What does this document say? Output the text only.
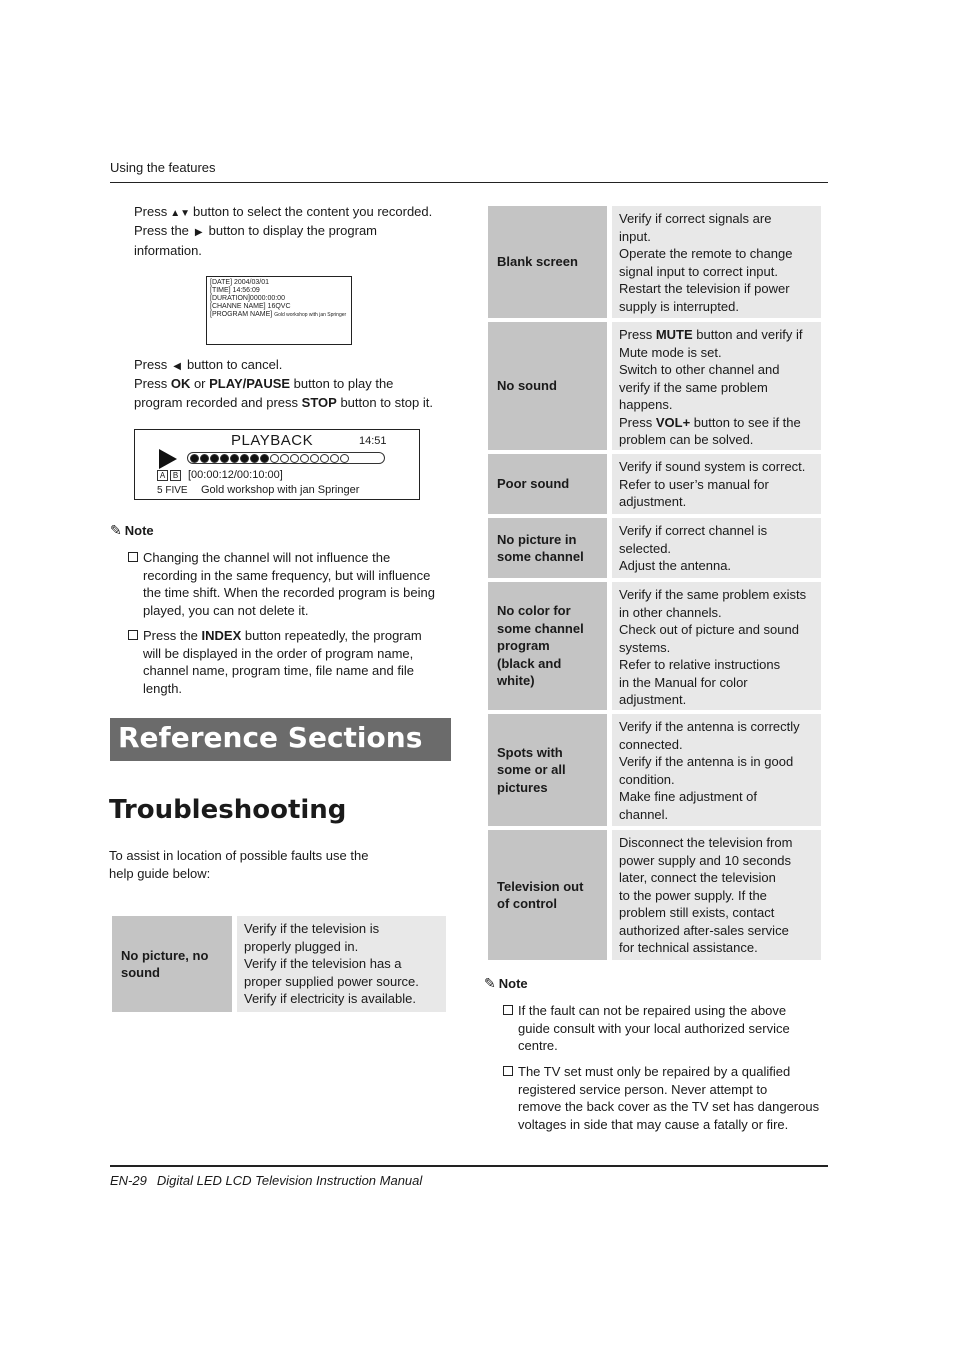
Using the features
Press ▲▼ button to select the content you recorded.
Press the ▶ button to display the program
information.
[DATE] 2004/03/01
[TIME] 14:56:09
[DURATION]0000:00:00
[CHANNE NAME] 16QVC
[PROGRAM NAME] Gold workshop with jan Springer
Press ◀ button to cancel.
Press OK or PLAY/PAUSE button to play the
program recorded and press STOP button to stop it.
PLAYBACK	14:51
A B [00:00:12/00:10:00]
5 FIVE Gold workshop with jan Springer
✎ Note
Changing the channel will not influence the
recording in the same frequency, but will influence
the time shift. When the recorded program is being
played, you can not delete it.
Press the INDEX button repeatedly, the program
will be displayed in the order of program name,
channel name, program time, file name and file
length.
Reference Sections
Troubleshooting
To assist in location of possible faults use the
help guide below:
No picture, no
sound
Verify if the television is
properly plugged in.
Verify if the television has a
proper supplied power source.
Verify if electricity is available.
Blank screen
Verify if correct signals are
input.
Operate the remote to change
signal input to correct input.
Restart the television if power
supply is interrupted.
No sound
Press MUTE button and verify if
Mute mode is set.
Switch to other channel and
verify if the same problem
happens.
Press VOL+ button to see if the
problem can be solved.
Poor sound
Verify if sound system is correct.
Refer to user’s manual for
adjustment.
No picture in
some channel
Verify if correct channel is
selected.
Adjust the antenna.
No color for
some channel
program
(black and
white)
Verify if the same problem exists
in other channels.
Check out of picture and sound
systems.
Refer to relative instructions
in the Manual for color
adjustment.
Spots with
some or all
pictures
Verify if the antenna is correctly
connected.
Verify if the antenna is in good
condition.
Make fine adjustment of
channel.
Television out
of control
Disconnect the television from
power supply and 10 seconds
later, connect the television
to the power supply. If the
problem still exists, contact
authorized after-sales service
for technical assistance.
✎ Note
If the fault can not be repaired using the above
guide consult with your local authorized service
centre.
The TV set must only be repaired by a qualified
registered service person. Never attempt to
remove the back cover as the TV set has dangerous
voltages in side that may cause a fatally or fire.
EN-29 Digital LED LCD Television Instruction Manual
